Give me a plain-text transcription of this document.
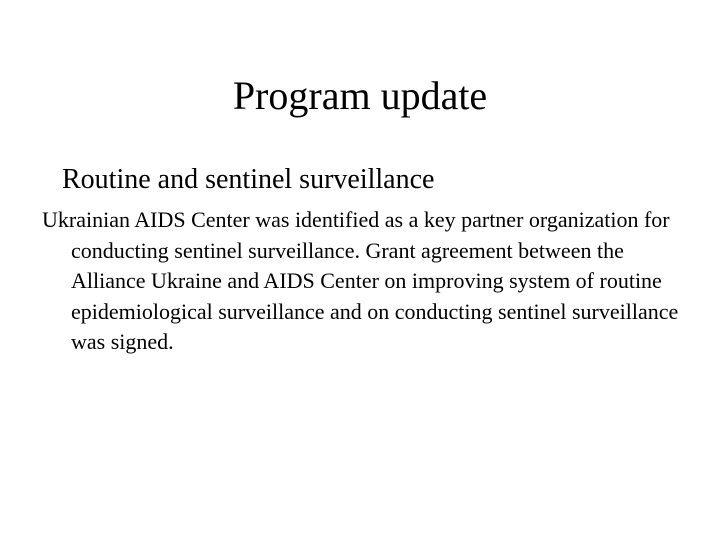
Program update
Routine and sentinel surveillance

Ukrainian AIDS Center was identified as a key partner organization for conducting sentinel surveillance. Grant agreement between the Alliance Ukraine and AIDS Center on improving system of routine epidemiological surveillance and on conducting sentinel surveillance was signed.
